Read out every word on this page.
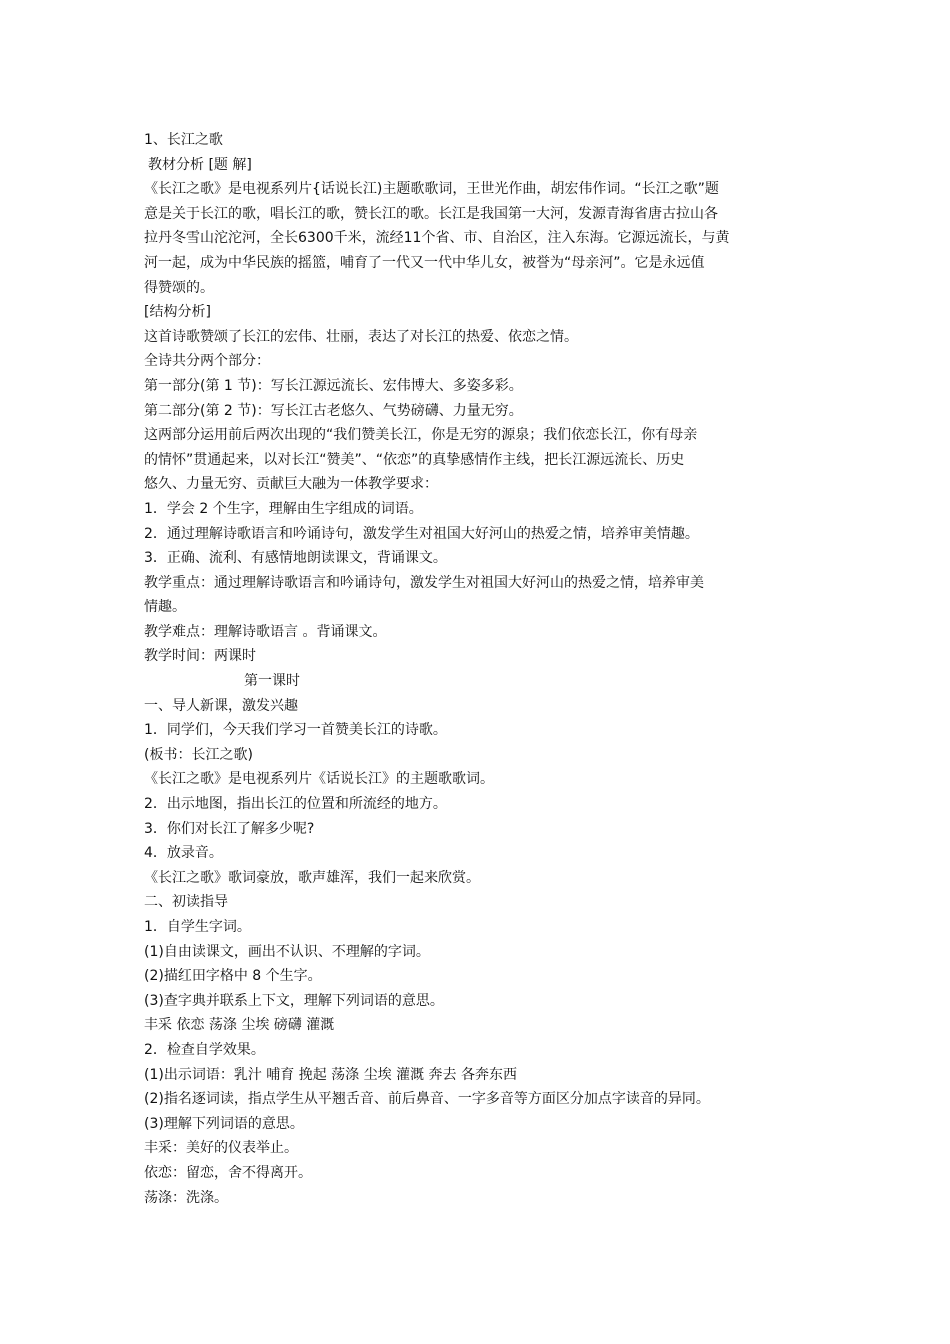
1、长江之歌
教材分析 [题 解]
《长江之歌》是电视系列片{话说长江)主题歌歌词，王世光作曲，胡宏伟作词。“长江之歌”题
意是关于长江的歌，唱长江的歌，赞长江的歌。长江是我国第一大河，发源青海省唐古拉山各
拉丹冬雪山沱沱河，全长6300千米，流经11个省、市、自治区，注入东海。它源远流长，与黄
河一起，成为中华民族的摇篮，哺育了一代又一代中华儿女，被誉为“母亲河”。它是永远值
得赞颂的。
[结构分析]
这首诗歌赞颂了长江的宏伟、壮丽，表达了对长江的热爱、依恋之情。
全诗共分两个部分：
第一部分(第 1 节)：写长江源远流长、宏伟博大、多姿多彩。
第二部分(第 2 节)：写长江古老悠久、气势磅礴、力量无穷。
这两部分运用前后两次出现的“我们赞美长江，你是无穷的源泉；我们依恋长江，你有母亲
的情怀”贯通起来，以对长江“赞美”、“依恋”的真挚感情作主线，把长江源远流长、历史
悠久、力量无穷、贡献巨大融为一体教学要求：
1．学会 2 个生字，理解由生字组成的词语。
2．通过理解诗歌语言和吟诵诗句，激发学生对祖国大好河山的热爱之情，培养审美情趣。
3．正确、流利、有感情地朗读课文，背诵课文。
教学重点：通过理解诗歌语言和吟诵诗句，激发学生对祖国大好河山的热爱之情，培养审美
情趣。
教学难点：理解诗歌语言 。背诵课文。
教学时间：两课时
第一课时
一、导人新课，激发兴趣
1．同学们，今天我们学习一首赞美长江的诗歌。
(板书：长江之歌)
《长江之歌》是电视系列片《话说长江》的主题歌歌词。
2．出示地图，指出长江的位置和所流经的地方。
3．你们对长江了解多少呢?
4．放录音。
《长江之歌》歌词豪放，歌声雄浑，我们一起来欣赏。
二、初读指导
1．自学生字词。
(1)自由读课文，画出不认识、不理解的字词。
(2)描红田字格中 8 个生字。
(3)查字典并联系上下文，理解下列词语的意思。
丰采 依恋 荡涤 尘埃 磅礴 灌溉
2．检查自学效果。
(1)出示词语：乳汁 哺育 挽起 荡涤 尘埃 灌溉 奔去 各奔东西
(2)指名逐词读，指点学生从平翘舌音、前后鼻音、一字多音等方面区分加点字读音的异同。
(3)理解下列词语的意思。
丰采：美好的仪表举止。
依恋：留恋，舍不得离开。
荡涤：洗涤。
